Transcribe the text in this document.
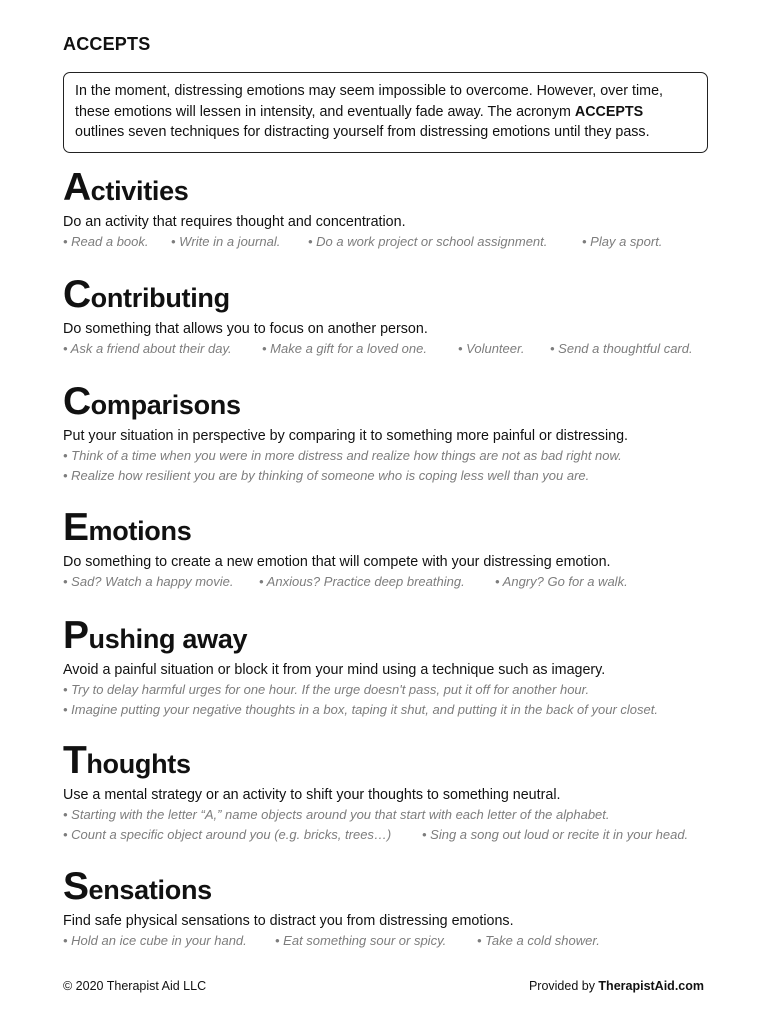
ACCEPTS
In the moment, distressing emotions may seem impossible to overcome. However, over time,
these emotions will lessen in intensity, and eventually fade away. The acronym ACCEPTS
outlines seven techniques for distracting yourself from distressing emotions until they pass.
Activities
Do an activity that requires thought and concentration.
• Read a book. • Write in a journal. • Do a work project or school assignment.	• Play a sport.
Contributing
Do something that allows you to focus on another person.
• Ask a friend about their day. • Make a gift for a loved one. • Volunteer. • Send a thoughtful card.
Comparisons
Put your situation in perspective by comparing it to something more painful or distressing.
• Think of a time when you were in more distress and realize how things are not as bad right now.
• Realize how resilient you are by thinking of someone who is coping less well than you are.
Emotions
Do something to create a new emotion that will compete with your distressing emotion.
• Sad? Watch a happy movie. • Anxious? Practice deep breathing. • Angry? Go for a walk.
Pushing away
Avoid a painful situation or block it from your mind using a technique such as imagery.
• Try to delay harmful urges for one hour. If the urge doesn't pass, put it off for another hour.
• Imagine putting your negative thoughts in a box, taping it shut, and putting it in the back of your closet.
Thoughts
Use a mental strategy or an activity to shift your thoughts to something neutral.
• Starting with the letter “A,” name objects around you that start with each letter of the alphabet.
• Count a specific object around you (e.g. bricks, trees…) • Sing a song out loud or recite it in your head.
Sensations
Find safe physical sensations to distract you from distressing emotions.
• Hold an ice cube in your hand. • Eat something sour or spicy. • Take a cold shower.
© 2020 Therapist Aid LLC	Provided by TherapistAid.com
